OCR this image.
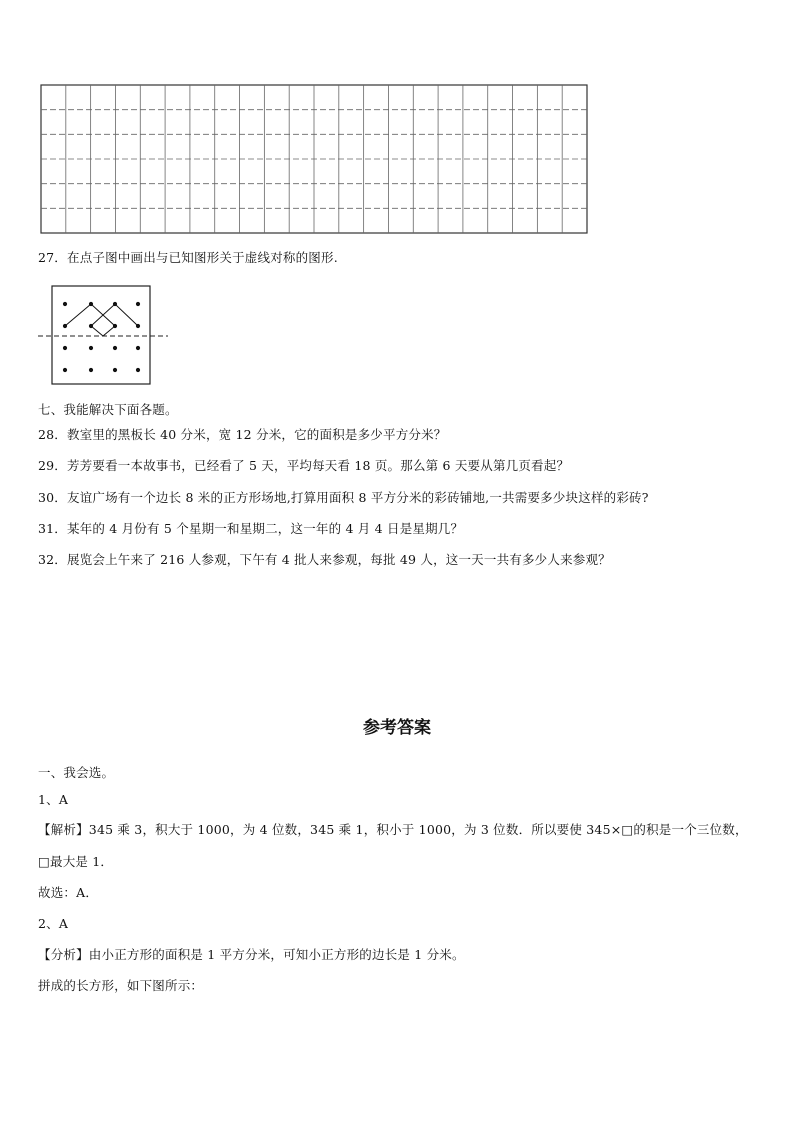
27．在点子图中画出与已知图形关于虚线对称的图形.
七、我能解决下面各题。
28．教室里的黑板长 40 分米，宽 12 分米，它的面积是多少平方分米？
29．芳芳要看一本故事书，已经看了 5 天，平均每天看 18 页。那么第 6 天要从第几页看起？
30．友谊广场有一个边长 8 米的正方形场地,打算用面积 8 平方分米的彩砖铺地,一共需要多少块这样的彩砖?
31．某年的 4 月份有 5 个星期一和星期二，这一年的 4 月 4 日是星期几？
32．展览会上午来了 216 人参观，下午有 4 批人来参观，每批 49 人，这一天一共有多少人来参观？
参考答案
一、我会选。
1、A
【解析】345 乘 3，积大于 1000，为 4 位数，345 乘 1，积小于 1000，为 3 位数．所以要使 345×□的积是一个三位数，
□最大是 1．
故选：A．
2、A
【分析】由小正方形的面积是 1 平方分米，可知小正方形的边长是 1 分米。
拼成的长方形，如下图所示：
